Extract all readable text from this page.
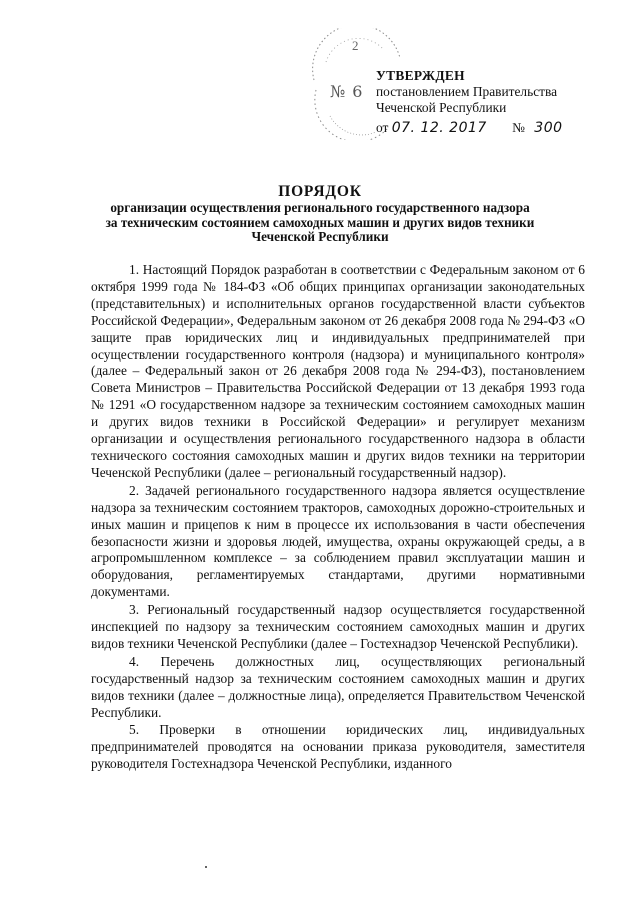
2
№ 6
УТВЕРЖДЕН
постановлением Правительства
Чеченской Республики
от 07. 12. 2017 № 300
ПОРЯДОК
организации осуществления регионального государственного надзора
за техническим состоянием самоходных машин и других видов техники
Чеченской Республики

1. Настоящий Порядок разработан в соответствии с Федеральным законом от 6 октября 1999 года № 184-ФЗ «Об общих принципах организации законодательных (представительных) и исполнительных органов государственной власти субъектов Российской Федерации», Федеральным законом от 26 декабря 2008 года № 294-ФЗ «О защите прав юридических лиц и индивидуальных предпринимателей при осуществлении государственного контроля (надзора) и муниципального контроля» (далее – Федеральный закон от 26 декабря 2008 года № 294-ФЗ), постановлением Совета Министров – Правительства Российской Федерации от 13 декабря 1993 года № 1291 «О государственном надзоре за техническим состоянием самоходных машин и других видов техники в Российской Федерации» и регулирует механизм организации и осуществления регионального государственного надзора в области технического состояния самоходных машин и других видов техники на территории Чеченской Республики (далее – региональный государственный надзор).

2. Задачей регионального государственного надзора является осуществление надзора за техническим состоянием тракторов, самоходных дорожно-строительных и иных машин и прицепов к ним в процессе их использования в части обеспечения безопасности жизни и здоровья людей, имущества, охраны окружающей среды, а в агропромышленном комплексе – за соблюдением правил эксплуатации машин и оборудования, регламентируемых стандартами, другими нормативными документами.

3. Региональный государственный надзор осуществляется государственной инспекцией по надзору за техническим состоянием самоходных машин и других видов техники Чеченской Республики (далее – Гостехнадзор Чеченской Республики).

4. Перечень должностных лиц, осуществляющих региональный государственный надзор за техническим состоянием самоходных машин и других видов техники (далее – должностные лица), определяется Правительством Чеченской Республики.

5. Проверки в отношении юридических лиц, индивидуальных предпринимателей проводятся на основании приказа руководителя, заместителя руководителя Гостехнадзора Чеченской Республики, изданного
